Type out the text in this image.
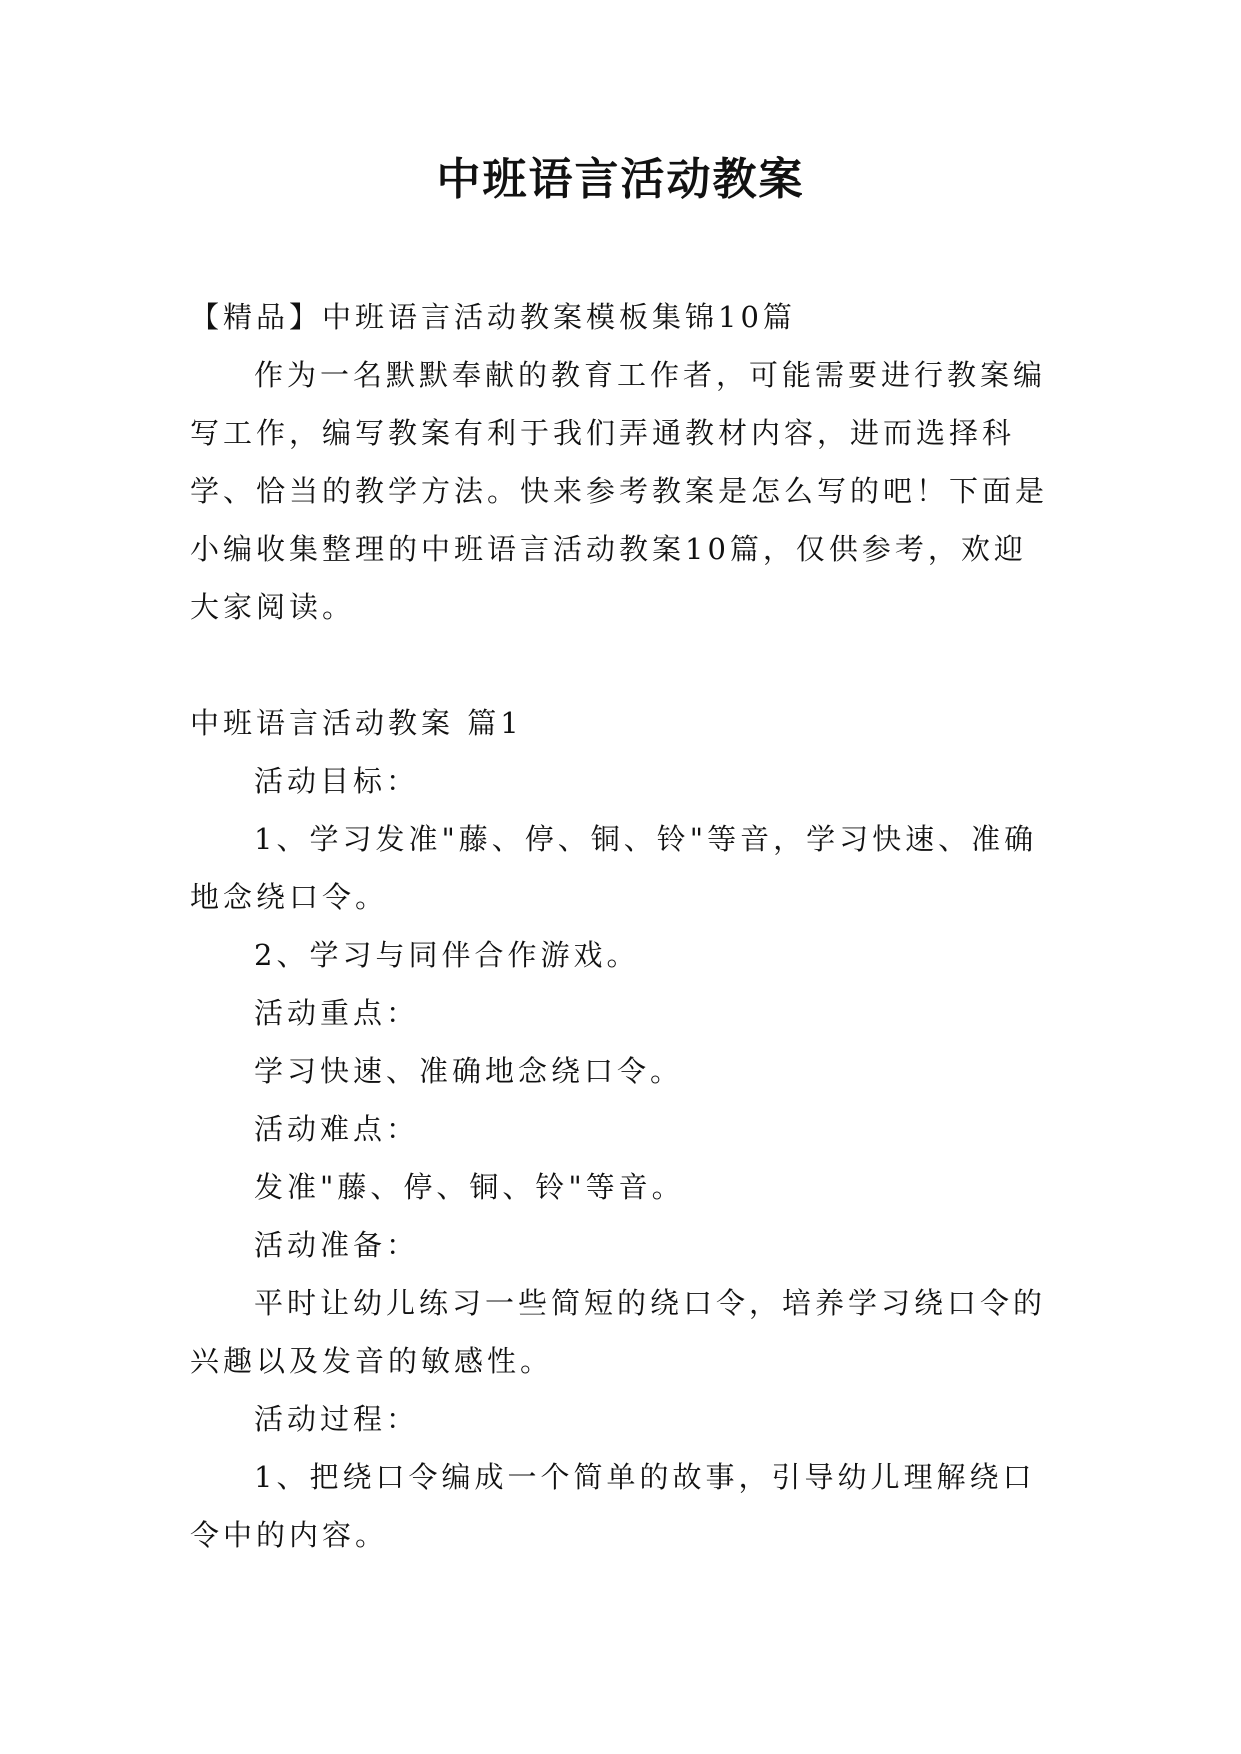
中班语言活动教案

【精品】中班语言活动教案模板集锦10篇

作为一名默默奉献的教育工作者，可能需要进行教案编写工作，编写教案有利于我们弄通教材内容，进而选择科学、恰当的教学方法。快来参考教案是怎么写的吧！下面是小编收集整理的中班语言活动教案10篇，仅供参考，欢迎大家阅读。

中班语言活动教案 篇1

活动目标：

1、学习发准"藤、停、铜、铃"等音，学习快速、准确地念绕口令。

2、学习与同伴合作游戏。

活动重点：

学习快速、准确地念绕口令。

活动难点：

发准"藤、停、铜、铃"等音。

活动准备：

平时让幼儿练习一些简短的绕口令，培养学习绕口令的兴趣以及发音的敏感性。

活动过程：

1、把绕口令编成一个简单的故事，引导幼儿理解绕口令中的内容。
